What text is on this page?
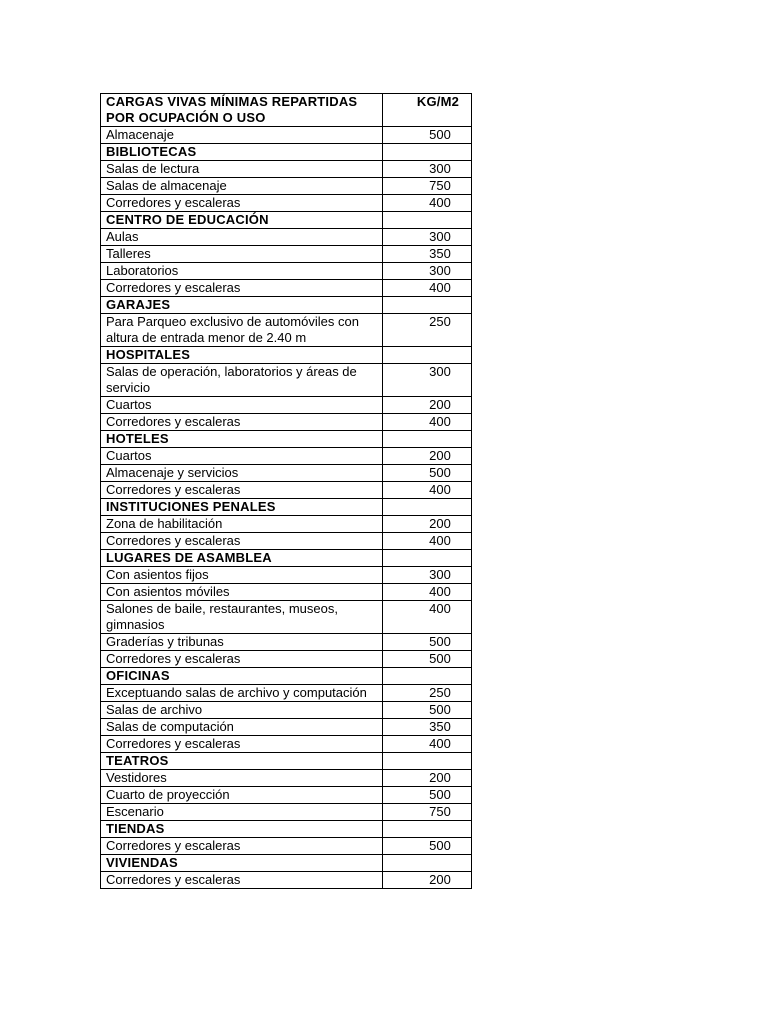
CARGAS VIVAS MÍNIMAS REPARTIDAS POR OCUPACIÓN O USO	KG/M2
Almacenaje	500
BIBLIOTECAS	
Salas de lectura	300
Salas de almacenaje	750
Corredores y escaleras	400
CENTRO DE EDUCACIÓN	
Aulas	300
Talleres	350
Laboratorios	300
Corredores y escaleras	400
GARAJES	
Para Parqueo exclusivo de automóviles con altura de entrada menor de 2.40 m	250
HOSPITALES	
Salas de operación, laboratorios y áreas de servicio	300
Cuartos	200
Corredores y escaleras	400
HOTELES	
Cuartos	200
Almacenaje y servicios	500
Corredores y escaleras	400
INSTITUCIONES PENALES	
Zona de habilitación	200
Corredores y escaleras	400
LUGARES DE ASAMBLEA	
Con asientos fijos	300
Con asientos móviles	400
Salones de baile, restaurantes, museos, gimnasios	400
Graderías y tribunas	500
Corredores y escaleras	500
OFICINAS	
Exceptuando salas de archivo y computación	250
Salas de archivo	500
Salas de computación	350
Corredores y escaleras	400
TEATROS	
Vestidores	200
Cuarto de proyección	500
Escenario	750
TIENDAS	
Corredores y escaleras	500
VIVIENDAS	
Corredores y escaleras	200
